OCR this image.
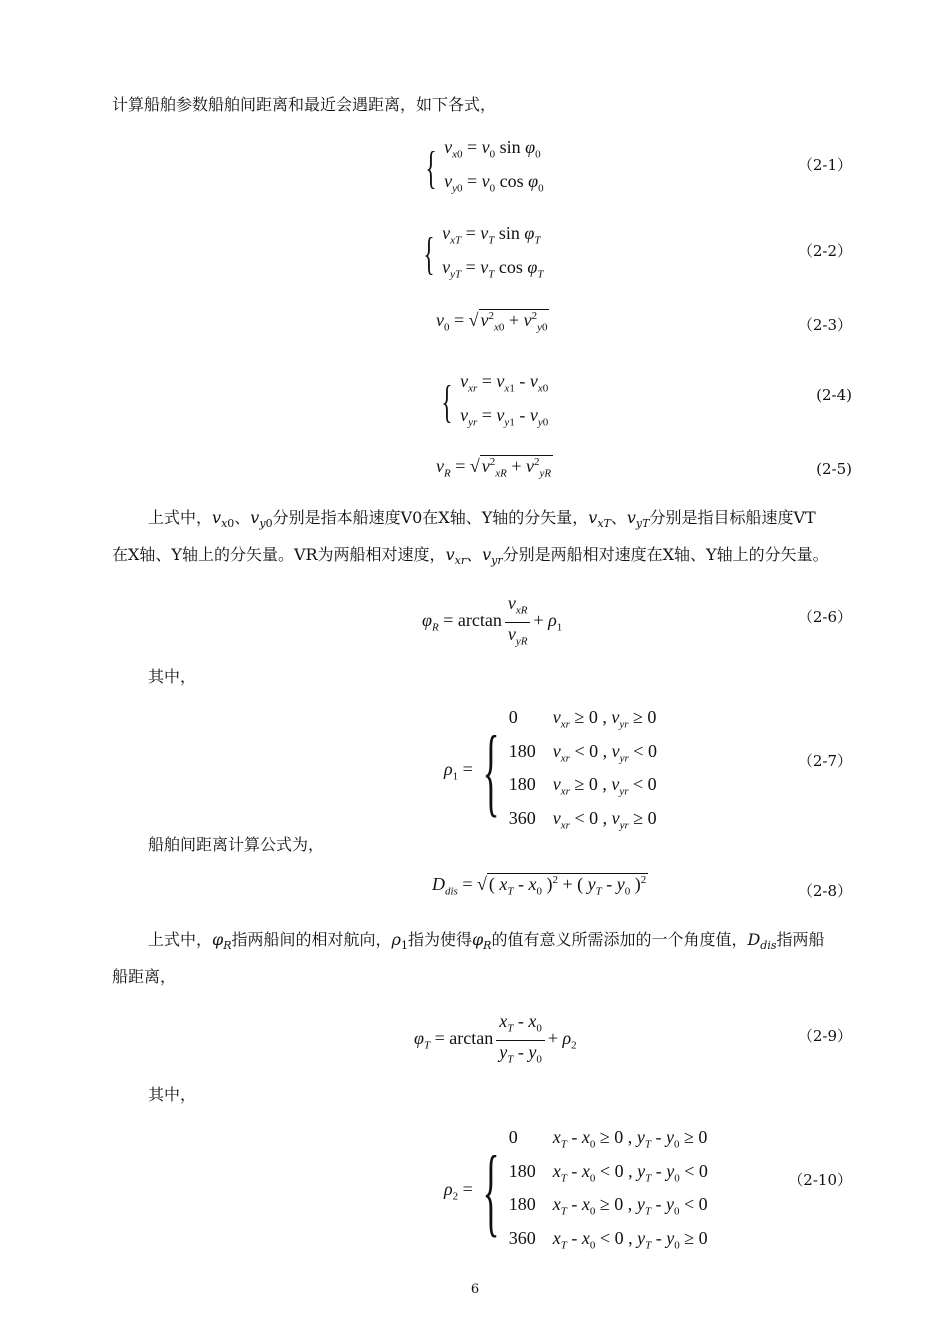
计算船舶参数船舶间距离和最近会遇距离，如下各式，
{ $v_{x0} = v_0$ $\sin \varphi_0$
$v_{y0} = v_0$ $\cos \varphi_0$
（2-1）
{ $v_{xT} = v_T$ $\sin \varphi_T$
$v_{yT} = v_T$ $\cos \varphi_T$
（2-2）
$v_0$ = √ $v^2_{x0} + v^2_{y0}$	（2-3）
{ $v_{xr} = v_{x1} - v_{x0}$
$v_{yr} = v_{y1} - v_{y0}$
(2-4)
$v_R$ = √ $v^2_{xR} + v^2_{yR}$	(2-5)
上式中，$v_{x0}$、$v_{y0}$分别是指本船速度V0在X轴、Y轴的分矢量，$v_{xT}$、$v_{yT}$分别是指目标船速度VT
在X轴、Y轴上的分矢量。VR为两船相对速度，$v_{xr}$、$v_{yr}$分别是两船相对速度在X轴、Y轴上的分矢量。
$\varphi_R = \arctan \frac{v_{xR}}{v_{yR}} + \rho_1$
（2-6）
其中，
$\rho_1$ = { 0	$v_{xr} \ge 0$ , $v_{yr} \ge 0$
180 $v_{xr} < 0$ , $v_{yr} < 0$
180 $v_{xr} \ge 0$ , $v_{yr} < 0$
360 $v_{xr} < 0$ , $v_{yr} \ge 0$
（2-7）
船舶间距离计算公式为，
$D_{dis}$ = √ ( $x_T - x_0$ )$^2$ + ( $y_T - y_0$ )$^2$
（2-8）
上式中，$\varphi_R$指两船间的相对航向，$\rho_1$指为使得$\varphi_R$的值有意义所需添加的一个角度值，$D_{dis}$指两船
船距离，
$\varphi_T = \arctan \frac{x_T - x_0}{y_T - y_0} + \rho_2$
（2-9）
其中，
$\rho_2$ = { 0	$x_T - x_0 \ge 0$ , $y_T - y_0 \ge 0$
180 $x_T - x_0 < 0$ , $y_T - y_0 < 0$
180 $x_T - x_0 \ge 0$ , $y_T - y_0 < 0$
360 $x_T - x_0 < 0$ , $y_T - y_0 \ge 0$
（2-10）
6
